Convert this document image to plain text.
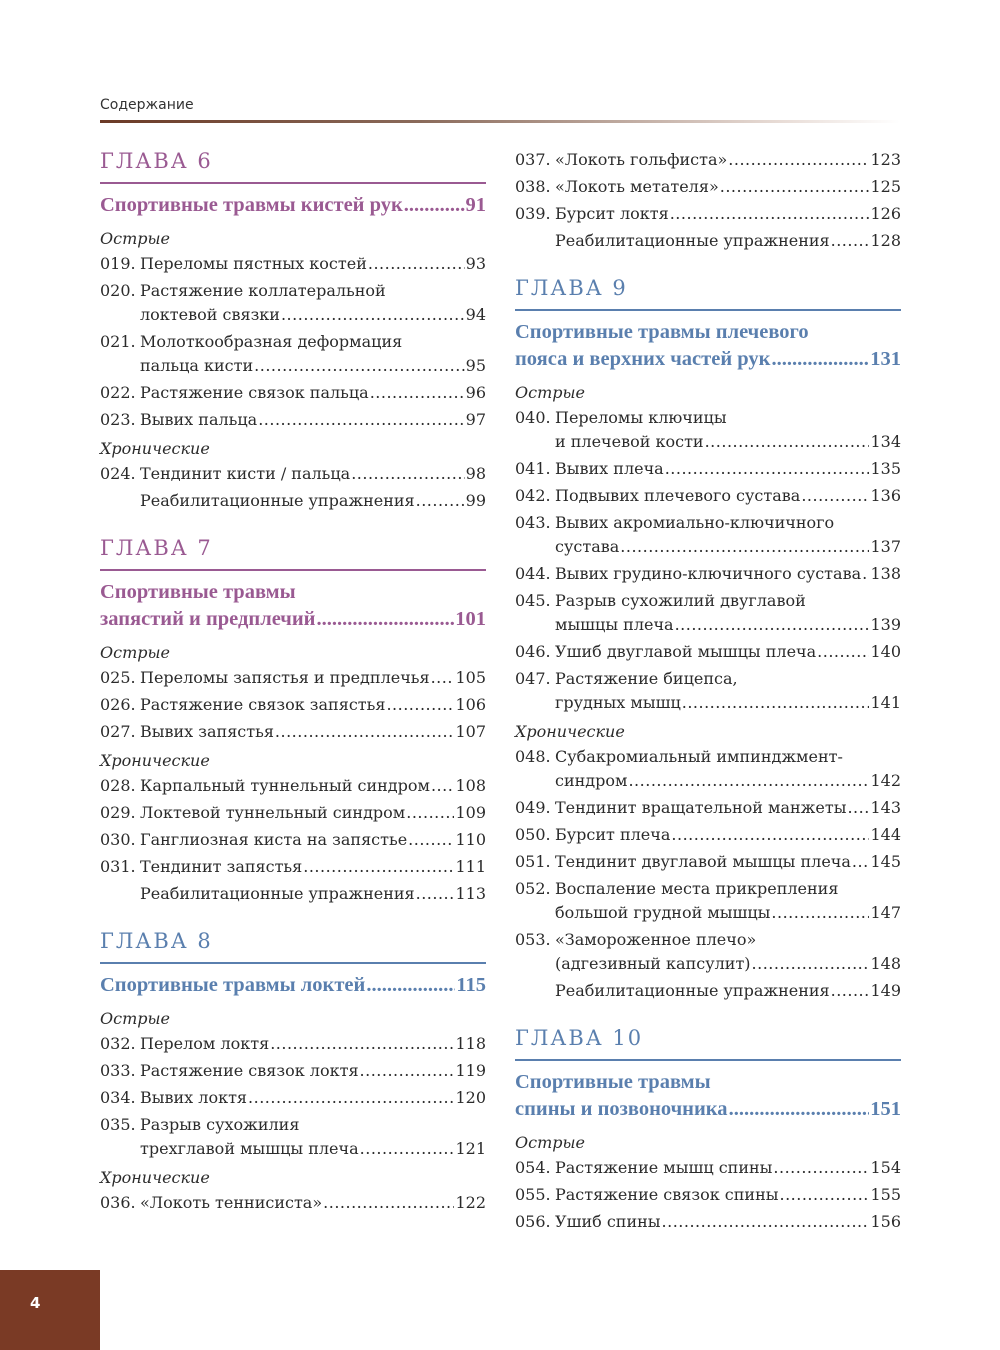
Содержание
ГЛАВА 6
Спортивные травмы кистей рук .....	91
Острые
019. Переломы пястных костей .....	93
020. Растяжение коллатеральной
локтевой связки .....	94
021. Молоткообразная деформация
пальца кисти .....	95
022. Растяжение связок пальца .....	96
023. Вывих пальца .....	97
Хронические
024. Тендинит кисти / пальца .....	98
Реабилитационные упражнения .....	99
ГЛАВА 7
Спортивные травмы
запястий и предплечий .....	101
Острые
025. Переломы запястья и предплечья ..... 105
026. Растяжение связок запястья .....	106
027. Вывих запястья .....	107
Хронические
028. Карпальный туннельный синдром ..... 108
029. Локтевой туннельный синдром .....	109
030. Ганглиозная киста на запястье .....	110
031. Тендинит запястья .....	111
Реабилитационные упражнения .....	113
ГЛАВА 8
Спортивные травмы локтей .....	115
Острые
032. Перелом локтя .....	118
033. Растяжение связок локтя .....	119
034. Вывих локтя .....	120
035. Разрыв сухожилия
трехглавой мышцы плеча .....	121
Хронические
036. «Локоть теннисиста» .....	122
037. «Локоть гольфиста» .....	123
038. «Локоть метателя» .....	125
039. Бурсит локтя .....	126
Реабилитационные упражнения .....	128
ГЛАВА 9
Спортивные травмы плечевого
пояса и верхних частей рук .....	131
Острые
040. Переломы ключицы
и плечевой кости .....	134
041. Вывих плеча .....	135
042. Подвывих плечевого сустава .....	136
043. Вывих акромиально-ключичного
сустава .....	137
044. Вывих грудино-ключичного сустава ..... 138
045. Разрыв сухожилий двуглавой
мышцы плеча .....	139
046. Ушиб двуглавой мышцы плеча .....	140
047. Растяжение бицепса,
грудных мышц .....	141
Хронические
048. Субакромиальный импинджмент-
синдром .....	142
049. Тендинит вращательной манжеты ..... 143
050. Бурсит плеча .....	144
051. Тендинит двуглавой мышцы плеча ..... 145
052. Воспаление места прикрепления
большой грудной мышцы .....	147
053. «Замороженное плечо»
(адгезивный капсулит) .....	148
Реабилитационные упражнения .....	149
ГЛАВА 10
Спортивные травмы
спины и позвоночника .....	151
Острые
054. Растяжение мышц спины .....	154
055. Растяжение связок спины .....	155
056. Ушиб спины .....	156
4
